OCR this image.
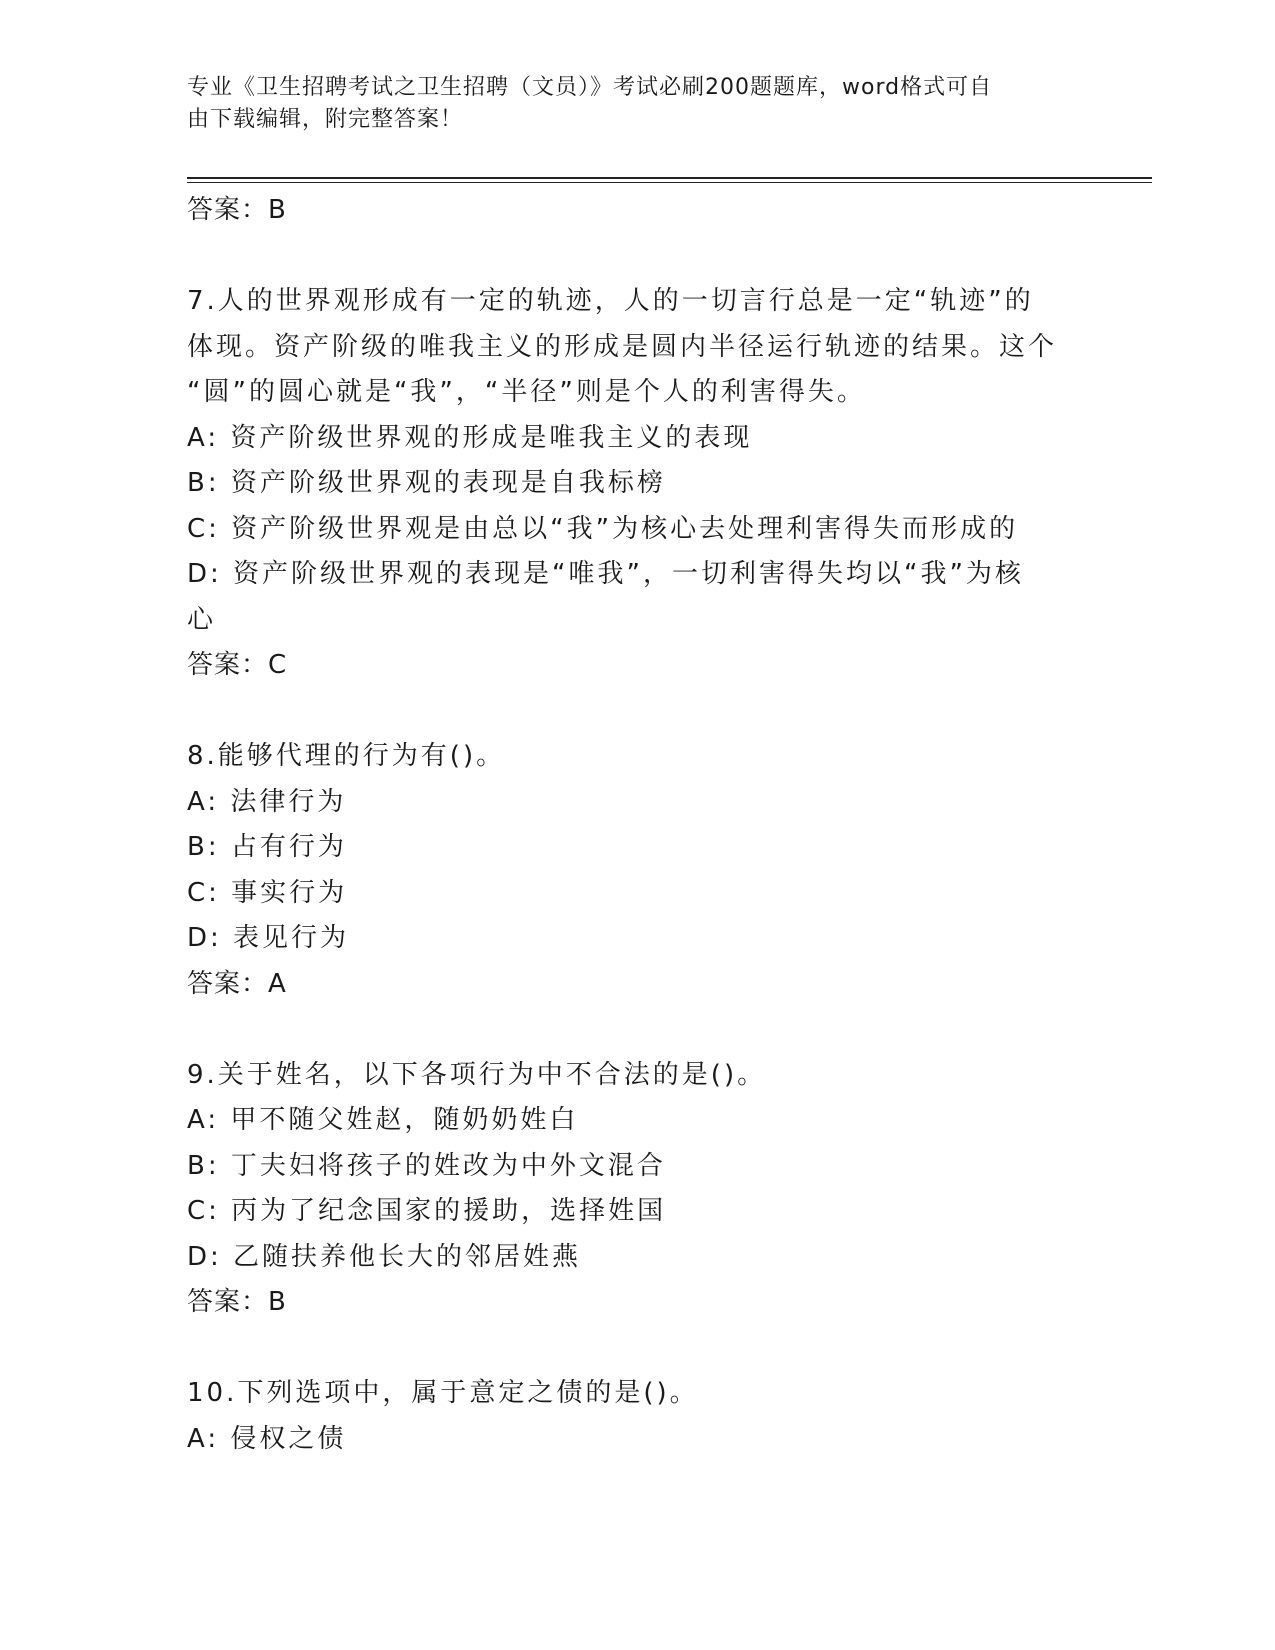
专业《卫生招聘考试之卫生招聘（文员）》考试必刷200题题库，word格式可自
由下载编辑，附完整答案！
答案：B
7.人的世界观形成有一定的轨迹，人的一切言行总是一定“轨迹”的
体现。资产阶级的唯我主义的形成是圆内半径运行轨迹的结果。这个
“圆”的圆心就是“我”，“半径”则是个人的利害得失。
A: 资产阶级世界观的形成是唯我主义的表现
B: 资产阶级世界观的表现是自我标榜
C: 资产阶级世界观是由总以“我”为核心去处理利害得失而形成的
D: 资产阶级世界观的表现是“唯我”，一切利害得失均以“我”为核
心
答案：C
8.能够代理的行为有()。
A: 法律行为
B: 占有行为
C: 事实行为
D: 表见行为
答案：A
9.关于姓名，以下各项行为中不合法的是()。
A: 甲不随父姓赵，随奶奶姓白
B: 丁夫妇将孩子的姓改为中外文混合
C: 丙为了纪念国家的援助，选择姓国
D: 乙随扶养他长大的邻居姓燕
答案：B
10.下列选项中，属于意定之债的是()。
A: 侵权之债
